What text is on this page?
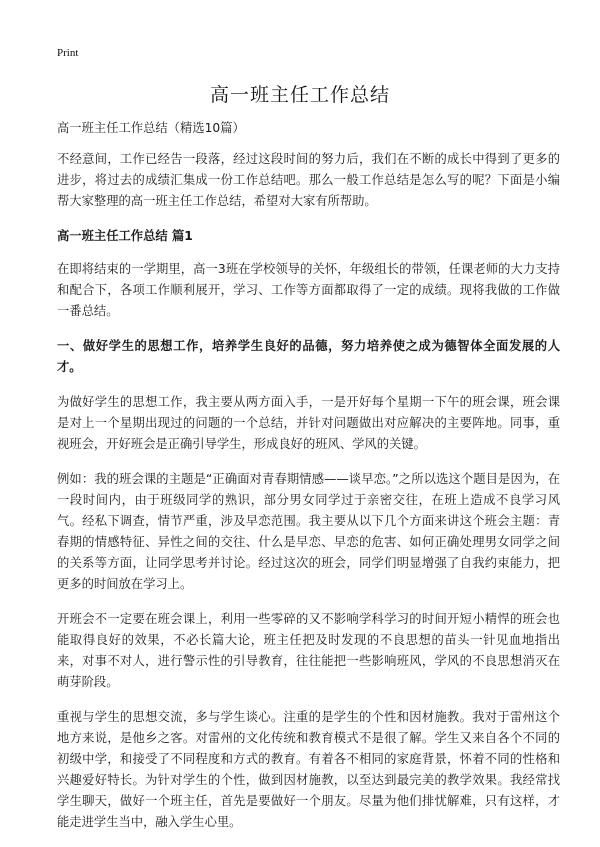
Print
高一班主任工作总结

高一班主任工作总结（精选10篇）

不经意间，工作已经告一段落，经过这段时间的努力后，我们在不断的成长中得到了更多的进步，将过去的成绩汇集成一份工作总结吧。那么一般工作总结是怎么写的呢？下面是小编帮大家整理的高一班主任工作总结，希望对大家有所帮助。

高一班主任工作总结 篇1

在即将结束的一学期里，高一3班在学校领导的关怀，年级组长的带领，任课老师的大力支持和配合下，各项工作顺利展开，学习、工作等方面都取得了一定的成绩。现将我做的工作做一番总结。

一、做好学生的思想工作，培养学生良好的品德，努力培养使之成为德智体全面发展的人才。

为做好学生的思想工作，我主要从两方面入手，一是开好每个星期一下午的班会课，班会课是对上一个星期出现过的问题的一个总结，并针对问题做出对应解决的主要阵地。同事，重视班会，开好班会是正确引导学生，形成良好的班风、学风的关键。

例如：我的班会课的主题是“正确面对青春期情感——谈早恋。”之所以选这个题目是因为，在一段时间内，由于班级同学的熟识，部分男女同学过于亲密交往，在班上造成不良学习风气。经私下调查，情节严重，涉及早恋范围。我主要从以下几个方面来讲这个班会主题：青春期的情感特征、异性之间的交往、什么是早恋、早恋的危害、如何正确处理男女同学之间的关系等方面，让同学思考并讨论。经过这次的班会，同学们明显增强了自我约束能力，把更多的时间放在学习上。

开班会不一定要在班会课上，利用一些零碎的又不影响学科学习的时间开短小精悍的班会也能取得良好的效果，不必长篇大论，班主任把及时发现的不良思想的苗头一针见血地指出来，对事不对人，进行警示性的引导教育，往往能把一些影响班风，学风的不良思想消灭在萌芽阶段。

重视与学生的思想交流，多与学生谈心。注重的是学生的个性和因材施教。我对于雷州这个地方来说，是他乡之客。对雷州的文化传统和教育模式不是很了解。学生又来自各个不同的初级中学，和接受了不同程度和方式的教育。有着各不相同的家庭背景，怀着不同的性格和兴趣爱好特长。为针对学生的个性，做到因材施教，以至达到最完美的教学效果。我经常找学生聊天，做好一个班主任，首先是要做好一个朋友。尽量为他们排忧解难，只有这样，才能走进学生当中，融入学生心里。
